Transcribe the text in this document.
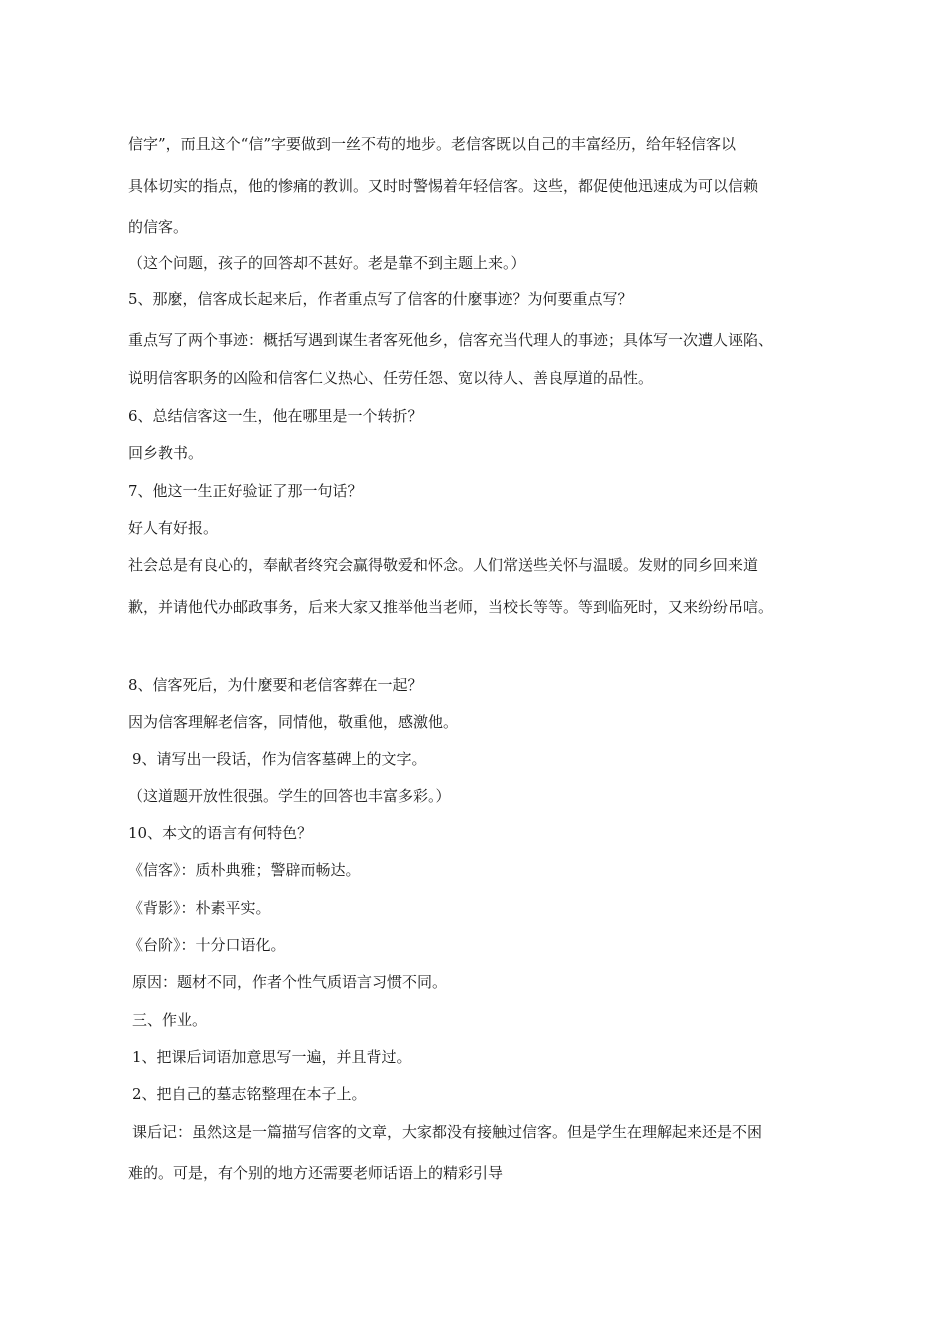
信字”，而且这个“信”字要做到一丝不苟的地步。老信客既以自己的丰富经历，给年轻信客以
具体切实的指点，他的惨痛的教训。又时时警惕着年轻信客。这些，都促使他迅速成为可以信赖
的信客。
（这个问题，孩子的回答却不甚好。老是靠不到主题上来。）
5、那麼，信客成长起来后，作者重点写了信客的什麼事迹？为何要重点写？
重点写了两个事迹：概括写遇到谋生者客死他乡，信客充当代理人的事迹；具体写一次遭人诬陷、
说明信客职务的凶险和信客仁义热心、任劳任怨、宽以待人、善良厚道的品性。
6、总结信客这一生，他在哪里是一个转折？
回乡教书。
7、他这一生正好验证了那一句话？
好人有好报。
社会总是有良心的，奉献者终究会赢得敬爱和怀念。人们常送些关怀与温暖。发财的同乡回来道
歉，并请他代办邮政事务，后来大家又推举他当老师，当校长等等。等到临死时，又来纷纷吊唁。
8、信客死后，为什麼要和老信客葬在一起？
因为信客理解老信客，同情他，敬重他，感激他。
9、请写出一段话，作为信客墓碑上的文字。
（这道题开放性很强。学生的回答也丰富多彩。）
10、本文的语言有何特色？
《信客》：质朴典雅；警辟而畅达。
《背影》：朴素平实。
《台阶》：十分口语化。
原因：题材不同，作者个性气质语言习惯不同。
三、作业。
1、把课后词语加意思写一遍，并且背过。
2、把自己的墓志铭整理在本子上。
课后记：虽然这是一篇描写信客的文章，大家都没有接触过信客。但是学生在理解起来还是不困
难的。可是，有个别的地方还需要老师话语上的精彩引导
